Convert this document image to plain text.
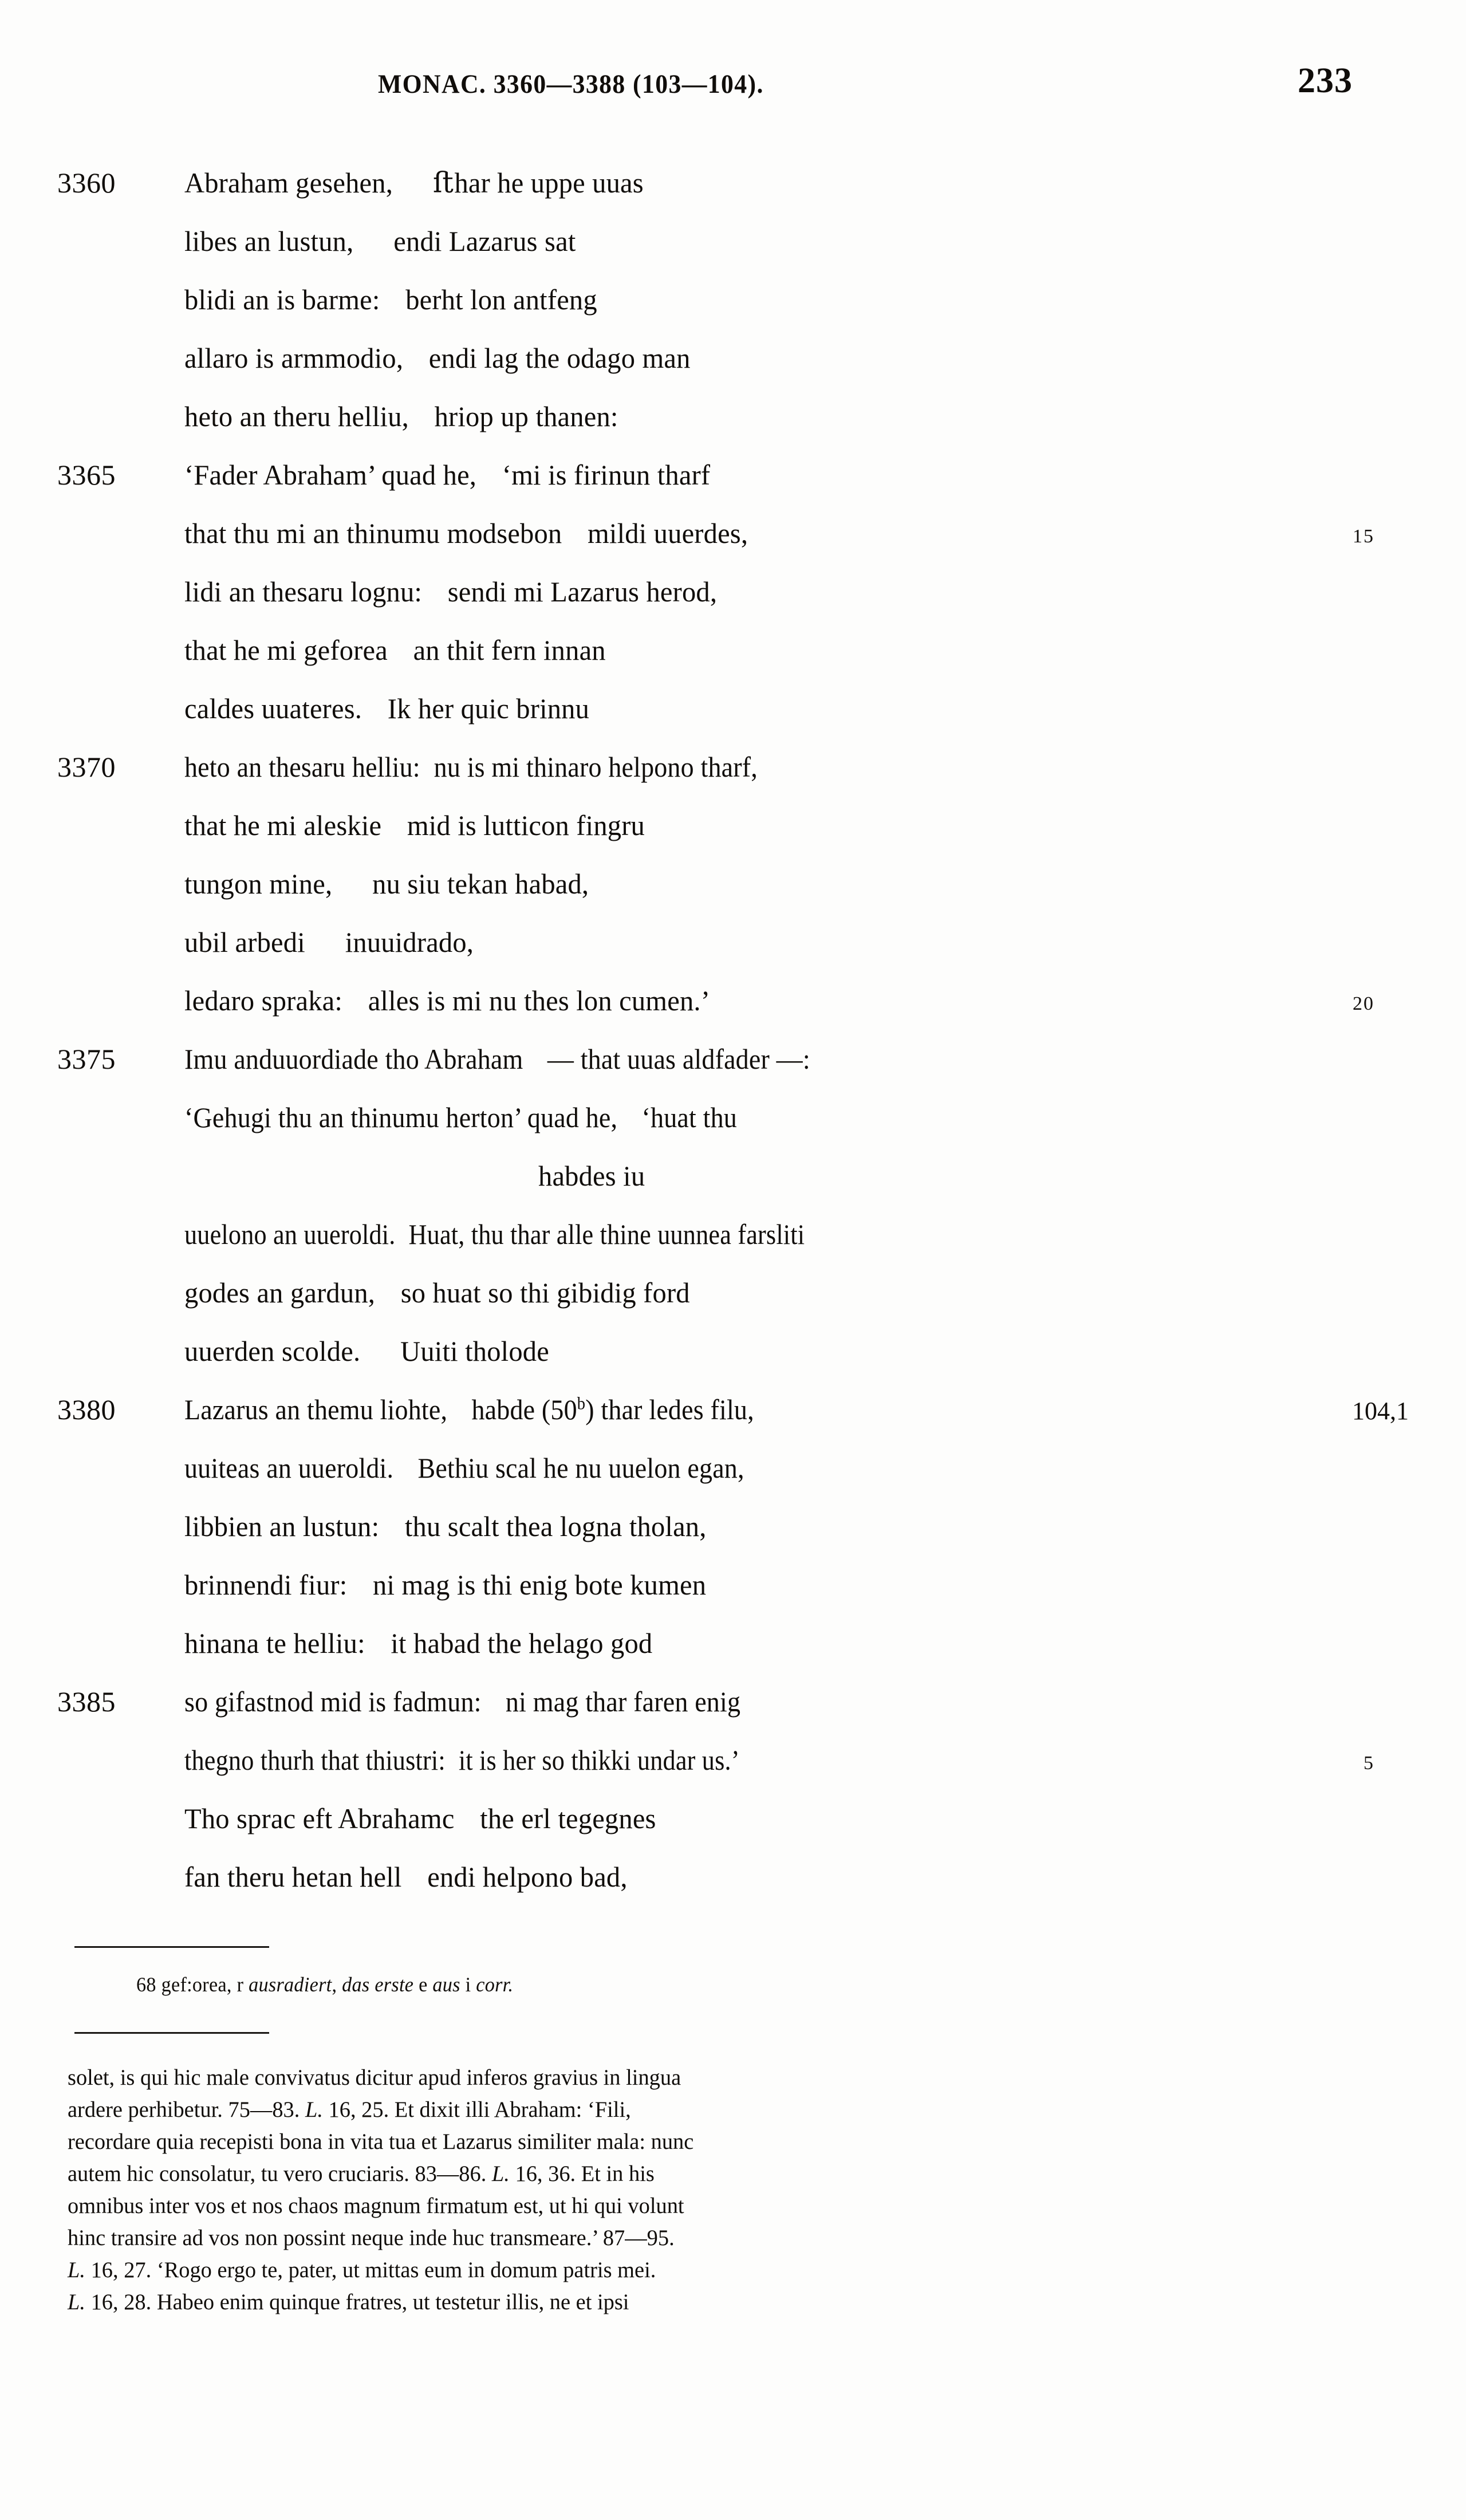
MONAC. 3360—3388 (103—104).	233
3360 Abraham gesehen, ﬅhar he uppe uuas
libes an lustun, endi Lazarus sat
blidi an is barme: berht lon antfeng
allaro is armmodio, endi lag the odago man
heto an theru helliu, hriop up thanen:
3365 ‘Fader Abraham’ quad he, ‘mi is firinun tharf
that thu mi an thinumu modsebon mildi uuerdes,	15
lidi an thesaru lognu: sendi mi Lazarus herod,
that he mi geforea an thit fern innan
caldes uuateres. Ik her quic brinnu
3370 heto an thesaru helliu: nu is mi thinaro helpono tharf,
that he mi aleskie mid is lutticon fingru
tungon mine, nu siu tekan habad,
ubil arbedi inuuidrado,
ledaro spraka: alles is mi nu thes lon cumen.’	20
3375 Imu anduuordiade tho Abraham — that uuas aldfader —:
‘Gehugi thu an thinumu herton’ quad he, ‘huat thu
habdes iu
uuelono an uueroldi. Huat, thu thar alle thine uunnea farsliti
godes an gardun, so huat so thi gibidig ford
uuerden scolde. Uuiti tholode
3380 Lazarus an themu liohte, habde (50$^b$) thar ledes filu,	104,1
uuiteas an uueroldi. Bethiu scal he nu uuelon egan,
libbien an lustun: thu scalt thea logna tholan,
brinnendi fiur: ni mag is thi enig bote kumen
hinana te helliu: it habad the helago god
3385 so gifastnod mid is fadmun: ni mag thar faren enig
thegno thurh that thiustri: it is her so thikki undar us.’	5
Tho sprac eft Abrahamc the erl tegegnes
fan theru hetan hell endi helpono bad,
68 gef:orea, r ausradiert, das erste e aus i corr.
solet, is qui hic male convivatus dicitur apud inferos gravius in lingua
ardere perhibetur. 75—83. L. 16, 25. Et dixit illi Abraham: ‘Fili,
recordare quia recepisti bona in vita tua et Lazarus similiter mala: nunc
autem hic consolatur, tu vero cruciaris. 83—86. L. 16, 36. Et in his
omnibus inter vos et nos chaos magnum firmatum est, ut hi qui volunt
hinc transire ad vos non possint neque inde huc transmeare.’ 87—95.
L. 16, 27. ‘Rogo ergo te, pater, ut mittas eum in domum patris mei.
L. 16, 28. Habeo enim quinque fratres, ut testetur illis, ne et ipsi
